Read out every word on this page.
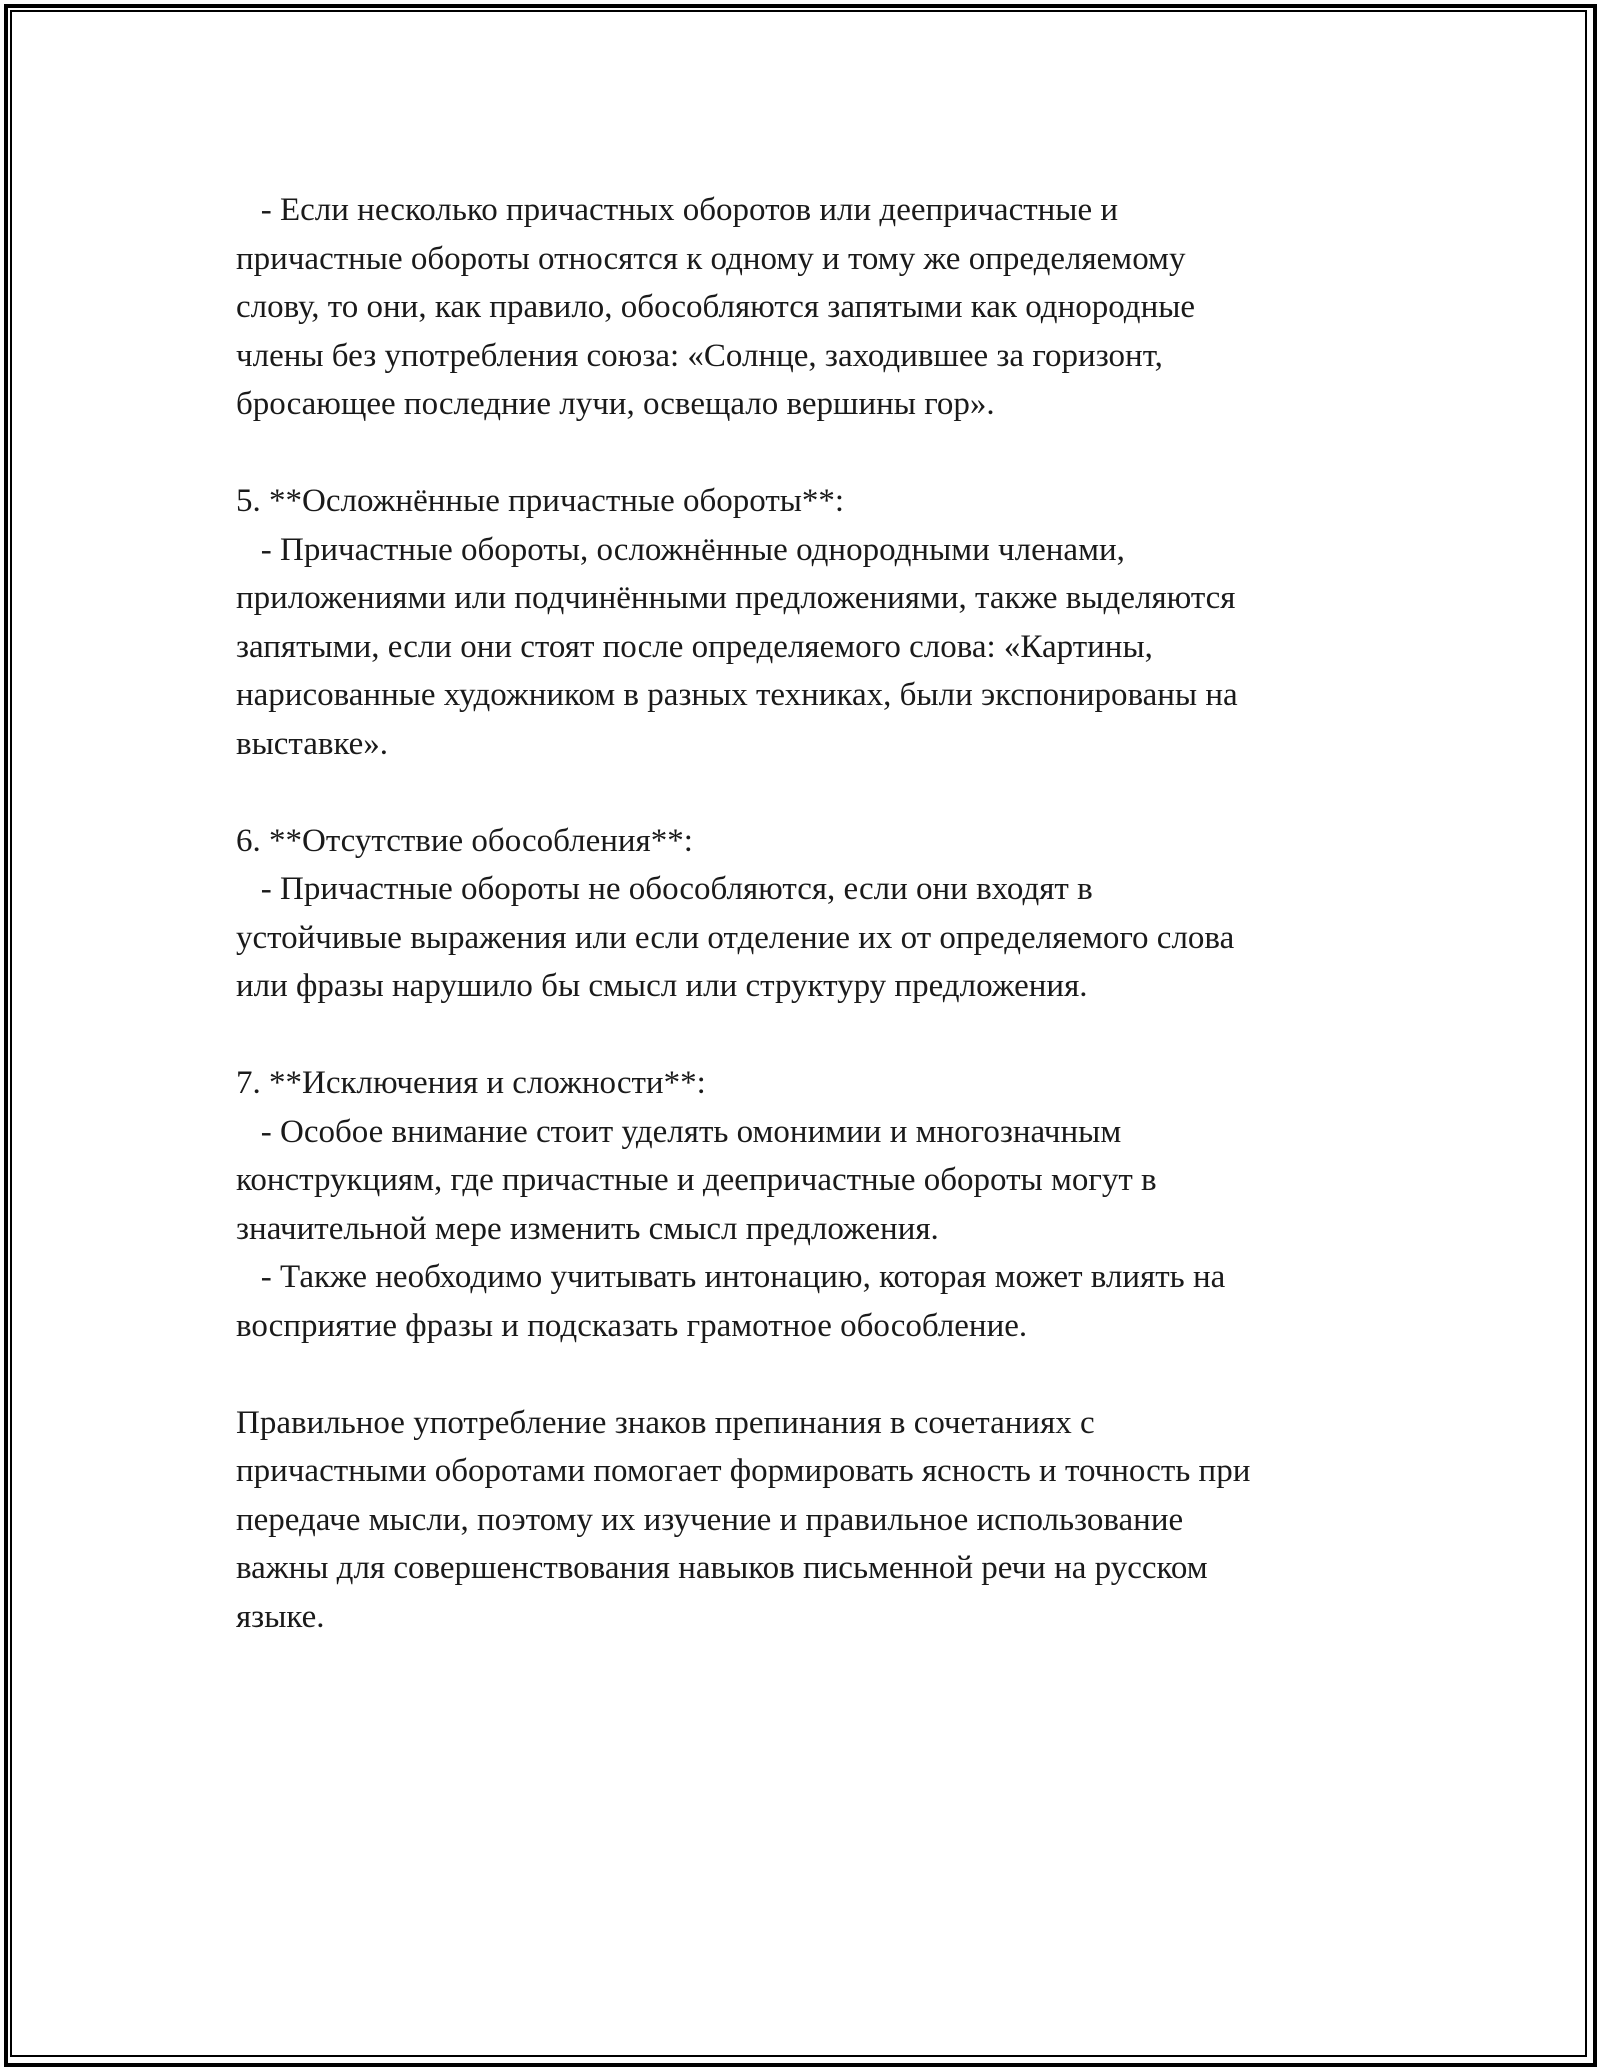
- Если несколько причастных оборотов или деепричастные и
причастные обороты относятся к одному и тому же определяемому
слову, то они, как правило, обособляются запятыми как однородные
члены без употребления союза: «Солнце, заходившее за горизонт,
бросающее последние лучи, освещало вершины гор».
5. **Осложнённые причастные обороты**:
- Причастные обороты, осложнённые однородными членами,
приложениями или подчинёнными предложениями, также выделяются
запятыми, если они стоят после определяемого слова: «Картины,
нарисованные художником в разных техниках, были экспонированы на
выставке».
6. **Отсутствие обособления**:
- Причастные обороты не обособляются, если они входят в
устойчивые выражения или если отделение их от определяемого слова
или фразы нарушило бы смысл или структуру предложения.
7. **Исключения и сложности**:
- Особое внимание стоит уделять омонимии и многозначным
конструкциям, где причастные и деепричастные обороты могут в
значительной мере изменить смысл предложения.
- Также необходимо учитывать интонацию, которая может влиять на
восприятие фразы и подсказать грамотное обособление.
Правильное употребление знаков препинания в сочетаниях с
причастными оборотами помогает формировать ясность и точность при
передаче мысли, поэтому их изучение и правильное использование
важны для совершенствования навыков письменной речи на русском
языке.
